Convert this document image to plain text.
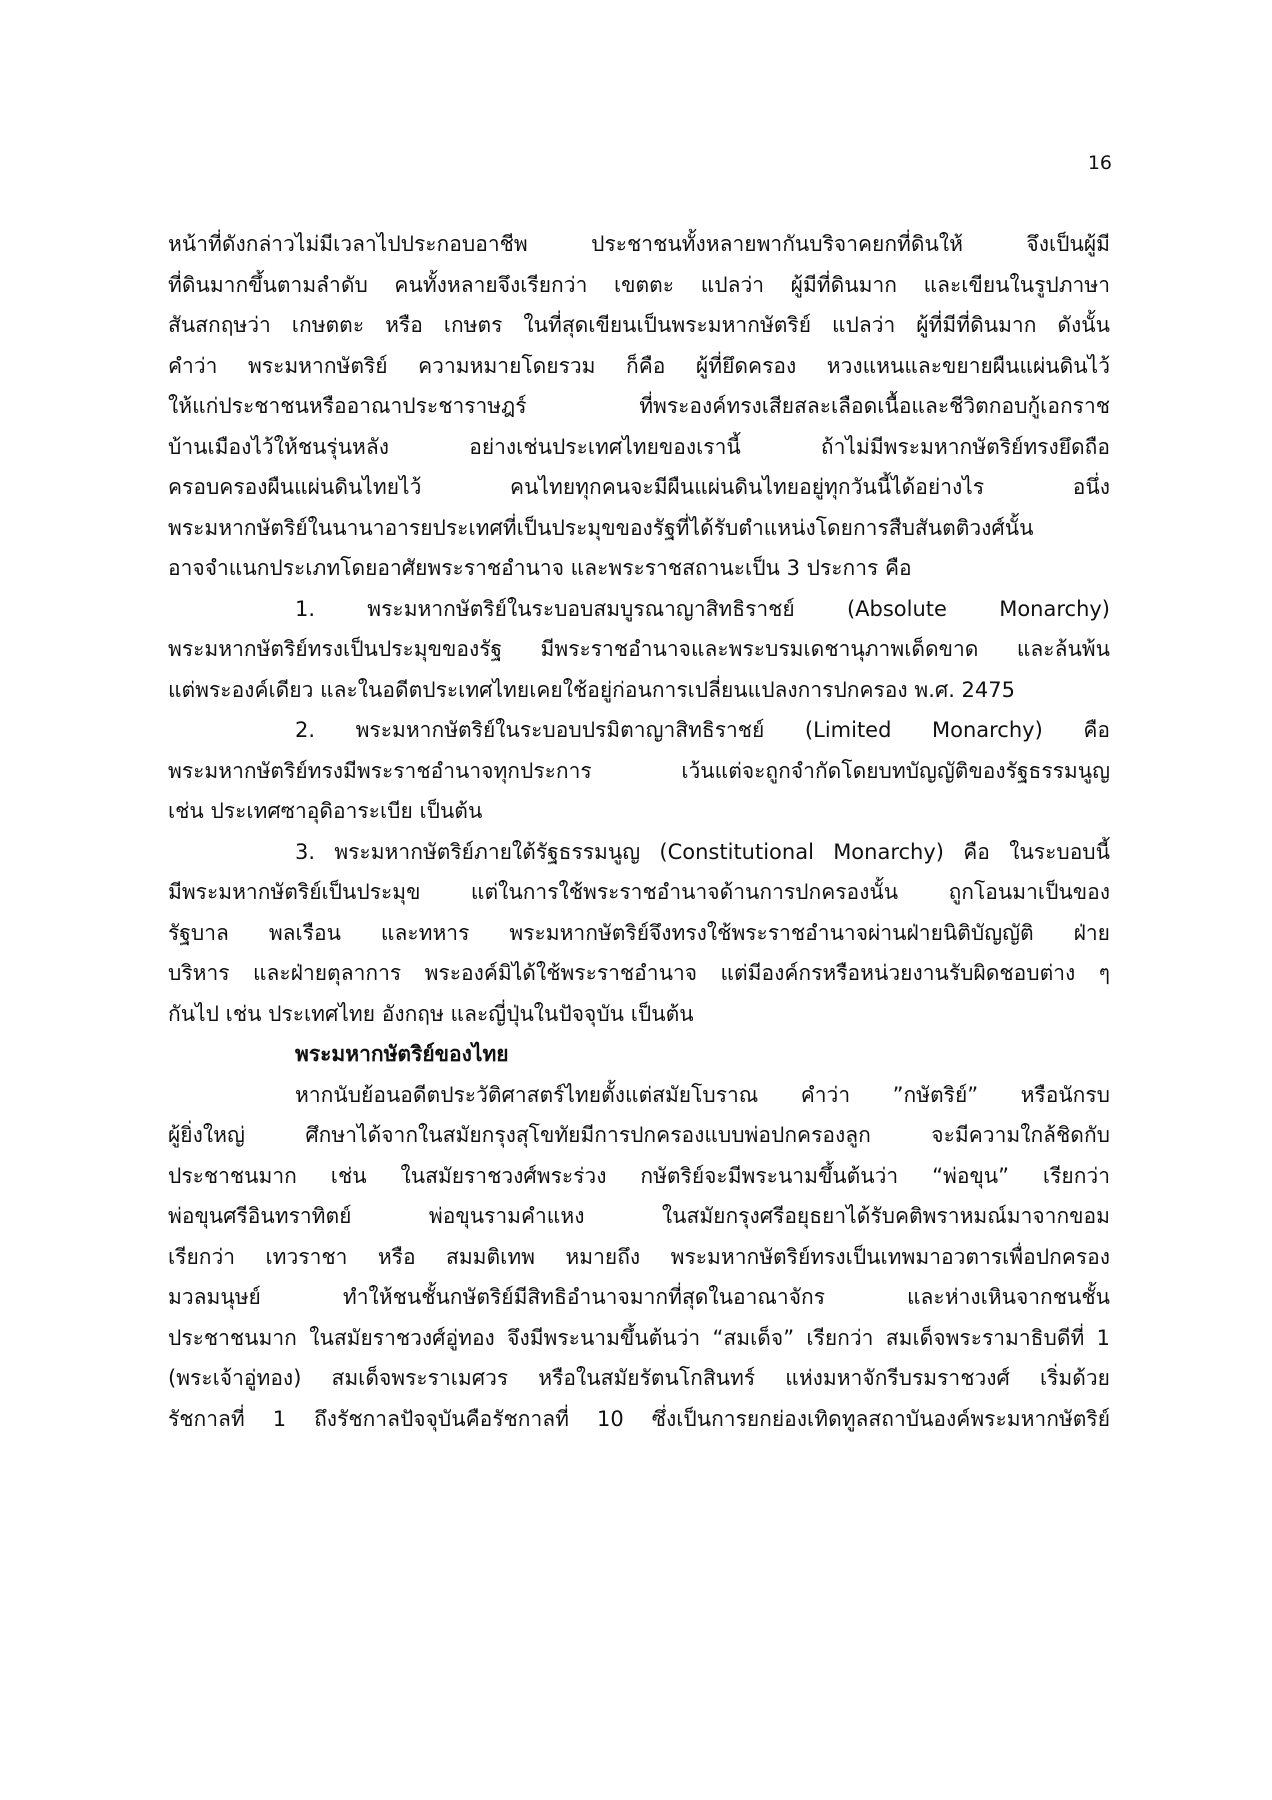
16
หน้าที่ดังกล่าวไม่มีเวลาไปประกอบอาชีพ ประชาชนทั้งหลายพากันบริจาคยกที่ดินให้ จึงเป็นผู้มี
ที่ดินมากขึ้นตามลำดับ คนทั้งหลายจึงเรียกว่า เขตตะ แปลว่า ผู้มีที่ดินมาก และเขียนในรูปภาษา
สันสกฤษว่า เกษตตะ หรือ เกษตร ในที่สุดเขียนเป็นพระมหากษัตริย์ แปลว่า ผู้ที่มีที่ดินมาก ดังนั้น
คำว่า พระมหากษัตริย์ ความหมายโดยรวม ก็คือ ผู้ที่ยึดครอง หวงแหนและขยายผืนแผ่นดินไว้
ให้แก่ประชาชนหรืออาณาประชาราษฎร์ ที่พระองค์ทรงเสียสละเลือดเนื้อและชีวิตกอบกู้เอกราช
บ้านเมืองไว้ให้ชนรุ่นหลัง อย่างเช่นประเทศไทยของเรานี้ ถ้าไม่มีพระมหากษัตริย์ทรงยึดถือ
ครอบครองผืนแผ่นดินไทยไว้ คนไทยทุกคนจะมีผืนแผ่นดินไทยอยู่ทุกวันนี้ได้อย่างไร อนึ่ง
พระมหากษัตริย์ในนานาอารยประเทศที่เป็นประมุขของรัฐที่ได้รับตำแหน่งโดยการสืบสันตติวงศ์นั้น
อาจจำแนกประเภทโดยอาศัยพระราชอำนาจ และพระราชสถานะเป็น 3 ประการ คือ
1. พระมหากษัตริย์ในระบอบสมบูรณาญาสิทธิราชย์ (Absolute Monarchy)
พระมหากษัตริย์ทรงเป็นประมุขของรัฐ มีพระราชอำนาจและพระบรมเดชานุภาพเด็ดขาด และล้นพ้น
แต่พระองค์เดียว และในอดีตประเทศไทยเคยใช้อยู่ก่อนการเปลี่ยนแปลงการปกครอง พ.ศ. 2475
2. พระมหากษัตริย์ในระบอบปรมิตาญาสิทธิราชย์ (Limited Monarchy) คือ
พระมหากษัตริย์ทรงมีพระราชอำนาจทุกประการ เว้นแต่จะถูกจำกัดโดยบทบัญญัติของรัฐธรรมนูญ
เช่น ประเทศซาอุดิอาระเบีย เป็นต้น
3. พระมหากษัตริย์ภายใต้รัฐธรรมนูญ (Constitutional Monarchy) คือ ในระบอบนี้
มีพระมหากษัตริย์เป็นประมุข แต่ในการใช้พระราชอำนาจด้านการปกครองนั้น ถูกโอนมาเป็นของ
รัฐบาล พลเรือน และทหาร พระมหากษัตริย์จึงทรงใช้พระราชอำนาจผ่านฝ่ายนิติบัญญัติ ฝ่าย
บริหาร และฝ่ายตุลาการ พระองค์มิได้ใช้พระราชอำนาจ แต่มีองค์กรหรือหน่วยงานรับผิดชอบต่าง ๆ
กันไป เช่น ประเทศไทย อังกฤษ และญี่ปุ่นในปัจจุบัน เป็นต้น
พระมหากษัตริย์ของไทย
หากนับย้อนอดีตประวัติศาสตร์ไทยตั้งแต่สมัยโบราณ คำว่า ”กษัตริย์” หรือนักรบ
ผู้ยิ่งใหญ่ ศึกษาได้จากในสมัยกรุงสุโขทัยมีการปกครองแบบพ่อปกครองลูก จะมีความใกล้ชิดกับ
ประชาชนมาก เช่น ในสมัยราชวงศ์พระร่วง กษัตริย์จะมีพระนามขึ้นต้นว่า “พ่อขุน” เรียกว่า
พ่อขุนศรีอินทราทิตย์ พ่อขุนรามคำแหง ในสมัยกรุงศรีอยุธยาได้รับคติพราหมณ์มาจากขอม
เรียกว่า เทวราชา หรือ สมมติเทพ หมายถึง พระมหากษัตริย์ทรงเป็นเทพมาอวตารเพื่อปกครอง
มวลมนุษย์ ทำให้ชนชั้นกษัตริย์มีสิทธิอำนาจมากที่สุดในอาณาจักร และห่างเหินจากชนชั้น
ประชาชนมาก ในสมัยราชวงศ์อู่ทอง จึงมีพระนามขึ้นต้นว่า “สมเด็จ” เรียกว่า สมเด็จพระรามาธิบดีที่ 1
(พระเจ้าอู่ทอง) สมเด็จพระราเมศวร หรือในสมัยรัตนโกสินทร์ แห่งมหาจักรีบรมราชวงศ์ เริ่มด้วย
รัชกาลที่ 1 ถึงรัชกาลปัจจุบันคือรัชกาลที่ 10 ซึ่งเป็นการยกย่องเทิดทูลสถาบันองค์พระมหากษัตริย์
